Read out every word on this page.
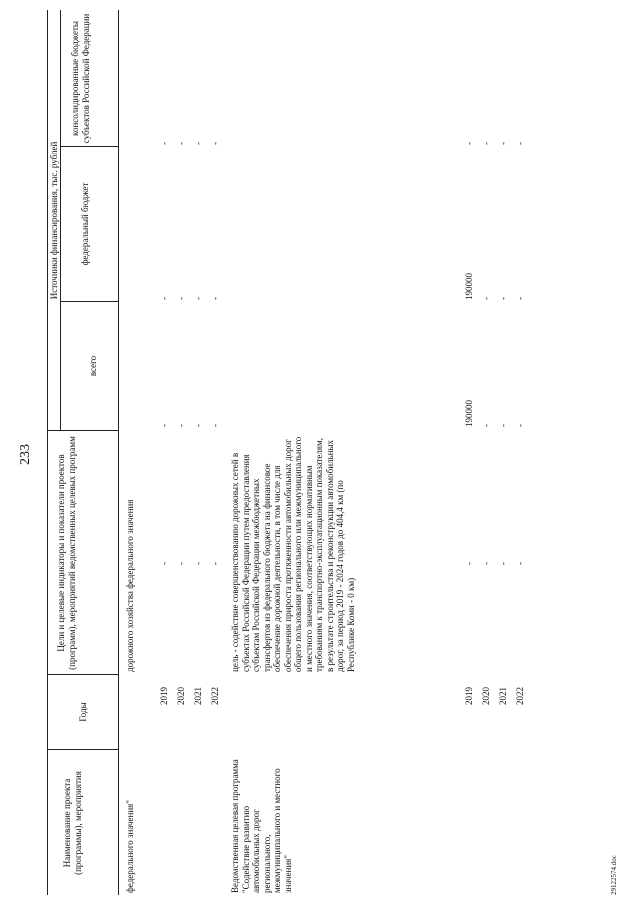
233
Наименование проекта (программы), мероприятия
Годы
Цели и целевые индикаторы и показатели проектов (программ), мероприятий ведомственных целевых программ
Источники финансирования, тыс. рублей
всего
федеральный бюджет
консолидированные бюджеты субъектов Российской Федерации
федерального значения"
дорожного хозяйства федерального значения
2019 2020 2021 2022
- - - -
- - - -
- - - -
- - - -
Ведомственная целевая программа "Содействие развитию автомобильных дорог регионального, межмуниципального и местного значения"
цель - содействие совершенствованию дорожных сетей в субъектах Российской Федерации путем предоставления субъектам Российской Федерации межбюджетных трансфертов из федерального бюджета на финансовое обеспечение дорожной деятельности, в том числе для обеспечения прироста протяженности автомобильных дорог общего пользования регионального или межмуниципального и местного значения, соответствующих нормативным требованиям к транспортно-эксплуатационным показателям, в результате строительства и реконструкции автомобильных дорог, за период 2019 - 2024 годов до 404,4 км (по Республике Коми - 0 км)
2019 2020 2021 2022
- - - -
190000 - - -
190000 - - -
- - - -
29122574.doc
